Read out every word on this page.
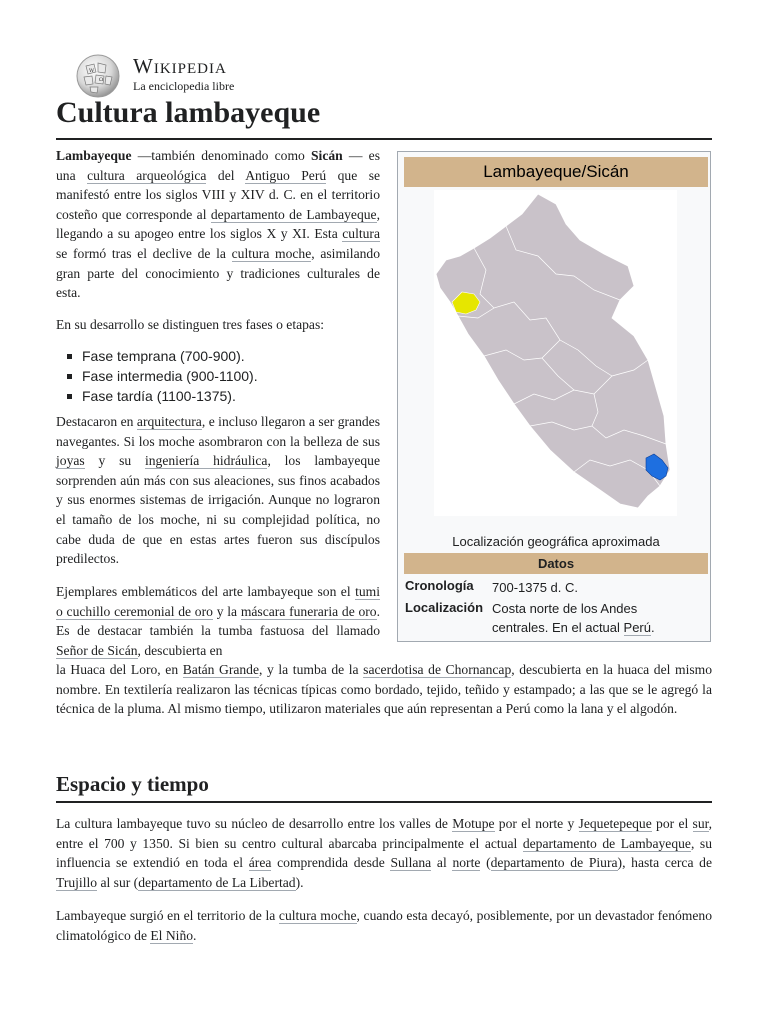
W
Ω
Wikipedia
La enciclopedia libre
Cultura lambayeque

Lambayeque —también denominado como Sicán — es una cultura arqueológica del Antiguo Perú que se manifestó entre los siglos VIII y XIV d. C. en el territorio costeño que corresponde al departamento de Lambayeque, llegando a su apogeo entre los siglos X y XI. Esta cultura se formó tras el declive de la cultura moche, asimilando gran parte del conocimiento y tradiciones culturales de esta.

En su desarrollo se distinguen tres fases o etapas:

Fase temprana (700-900).
Fase intermedia (900-1100).
Fase tardía (1100-1375).

Destacaron en arquitectura, e incluso llegaron a ser grandes navegantes. Si los moche asombraron con la belleza de sus joyas y su ingeniería hidráulica, los lambayeque sorprenden aún más con sus aleaciones, sus finos acabados y sus enormes sistemas de irrigación. Aunque no lograron el tamaño de los moche, ni su complejidad política, no cabe duda de que en estas artes fueron sus discípulos predilectos.

Ejemplares emblemáticos del arte lambayeque son el tumi o cuchillo ceremonial de oro y la máscara funeraria de oro. Es de destacar también la tumba fastuosa del llamado Señor de Sicán, descubierta en

la Huaca del Loro, en Batán Grande, y la tumba de la sacerdotisa de Chornancap, descubierta en la huaca del mismo nombre. En textilería realizaron las técnicas típicas como bordado, tejido, teñido y estampado; a las que se le agregó la técnica de la pluma. Al mismo tiempo, utilizaron materiales que aún representan a Perú como la lana y el algodón.

Lambayeque/Sicán
Localización geográfica aproximada
Datos
Cronología 700-1375 d. C.
Localización Costa norte de los Andes centrales. En el actual Perú.
Espacio y tiempo

La cultura lambayeque tuvo su núcleo de desarrollo entre los valles de Motupe por el norte y Jequetepeque por el sur, entre el 700 y 1350. Si bien su centro cultural abarcaba principalmente el actual departamento de Lambayeque, su influencia se extendió en toda el área comprendida desde Sullana al norte (departamento de Piura), hasta cerca de Trujillo al sur (departamento de La Libertad).

Lambayeque surgió en el territorio de la cultura moche, cuando esta decayó, posiblemente, por un devastador fenómeno climatológico de El Niño.
